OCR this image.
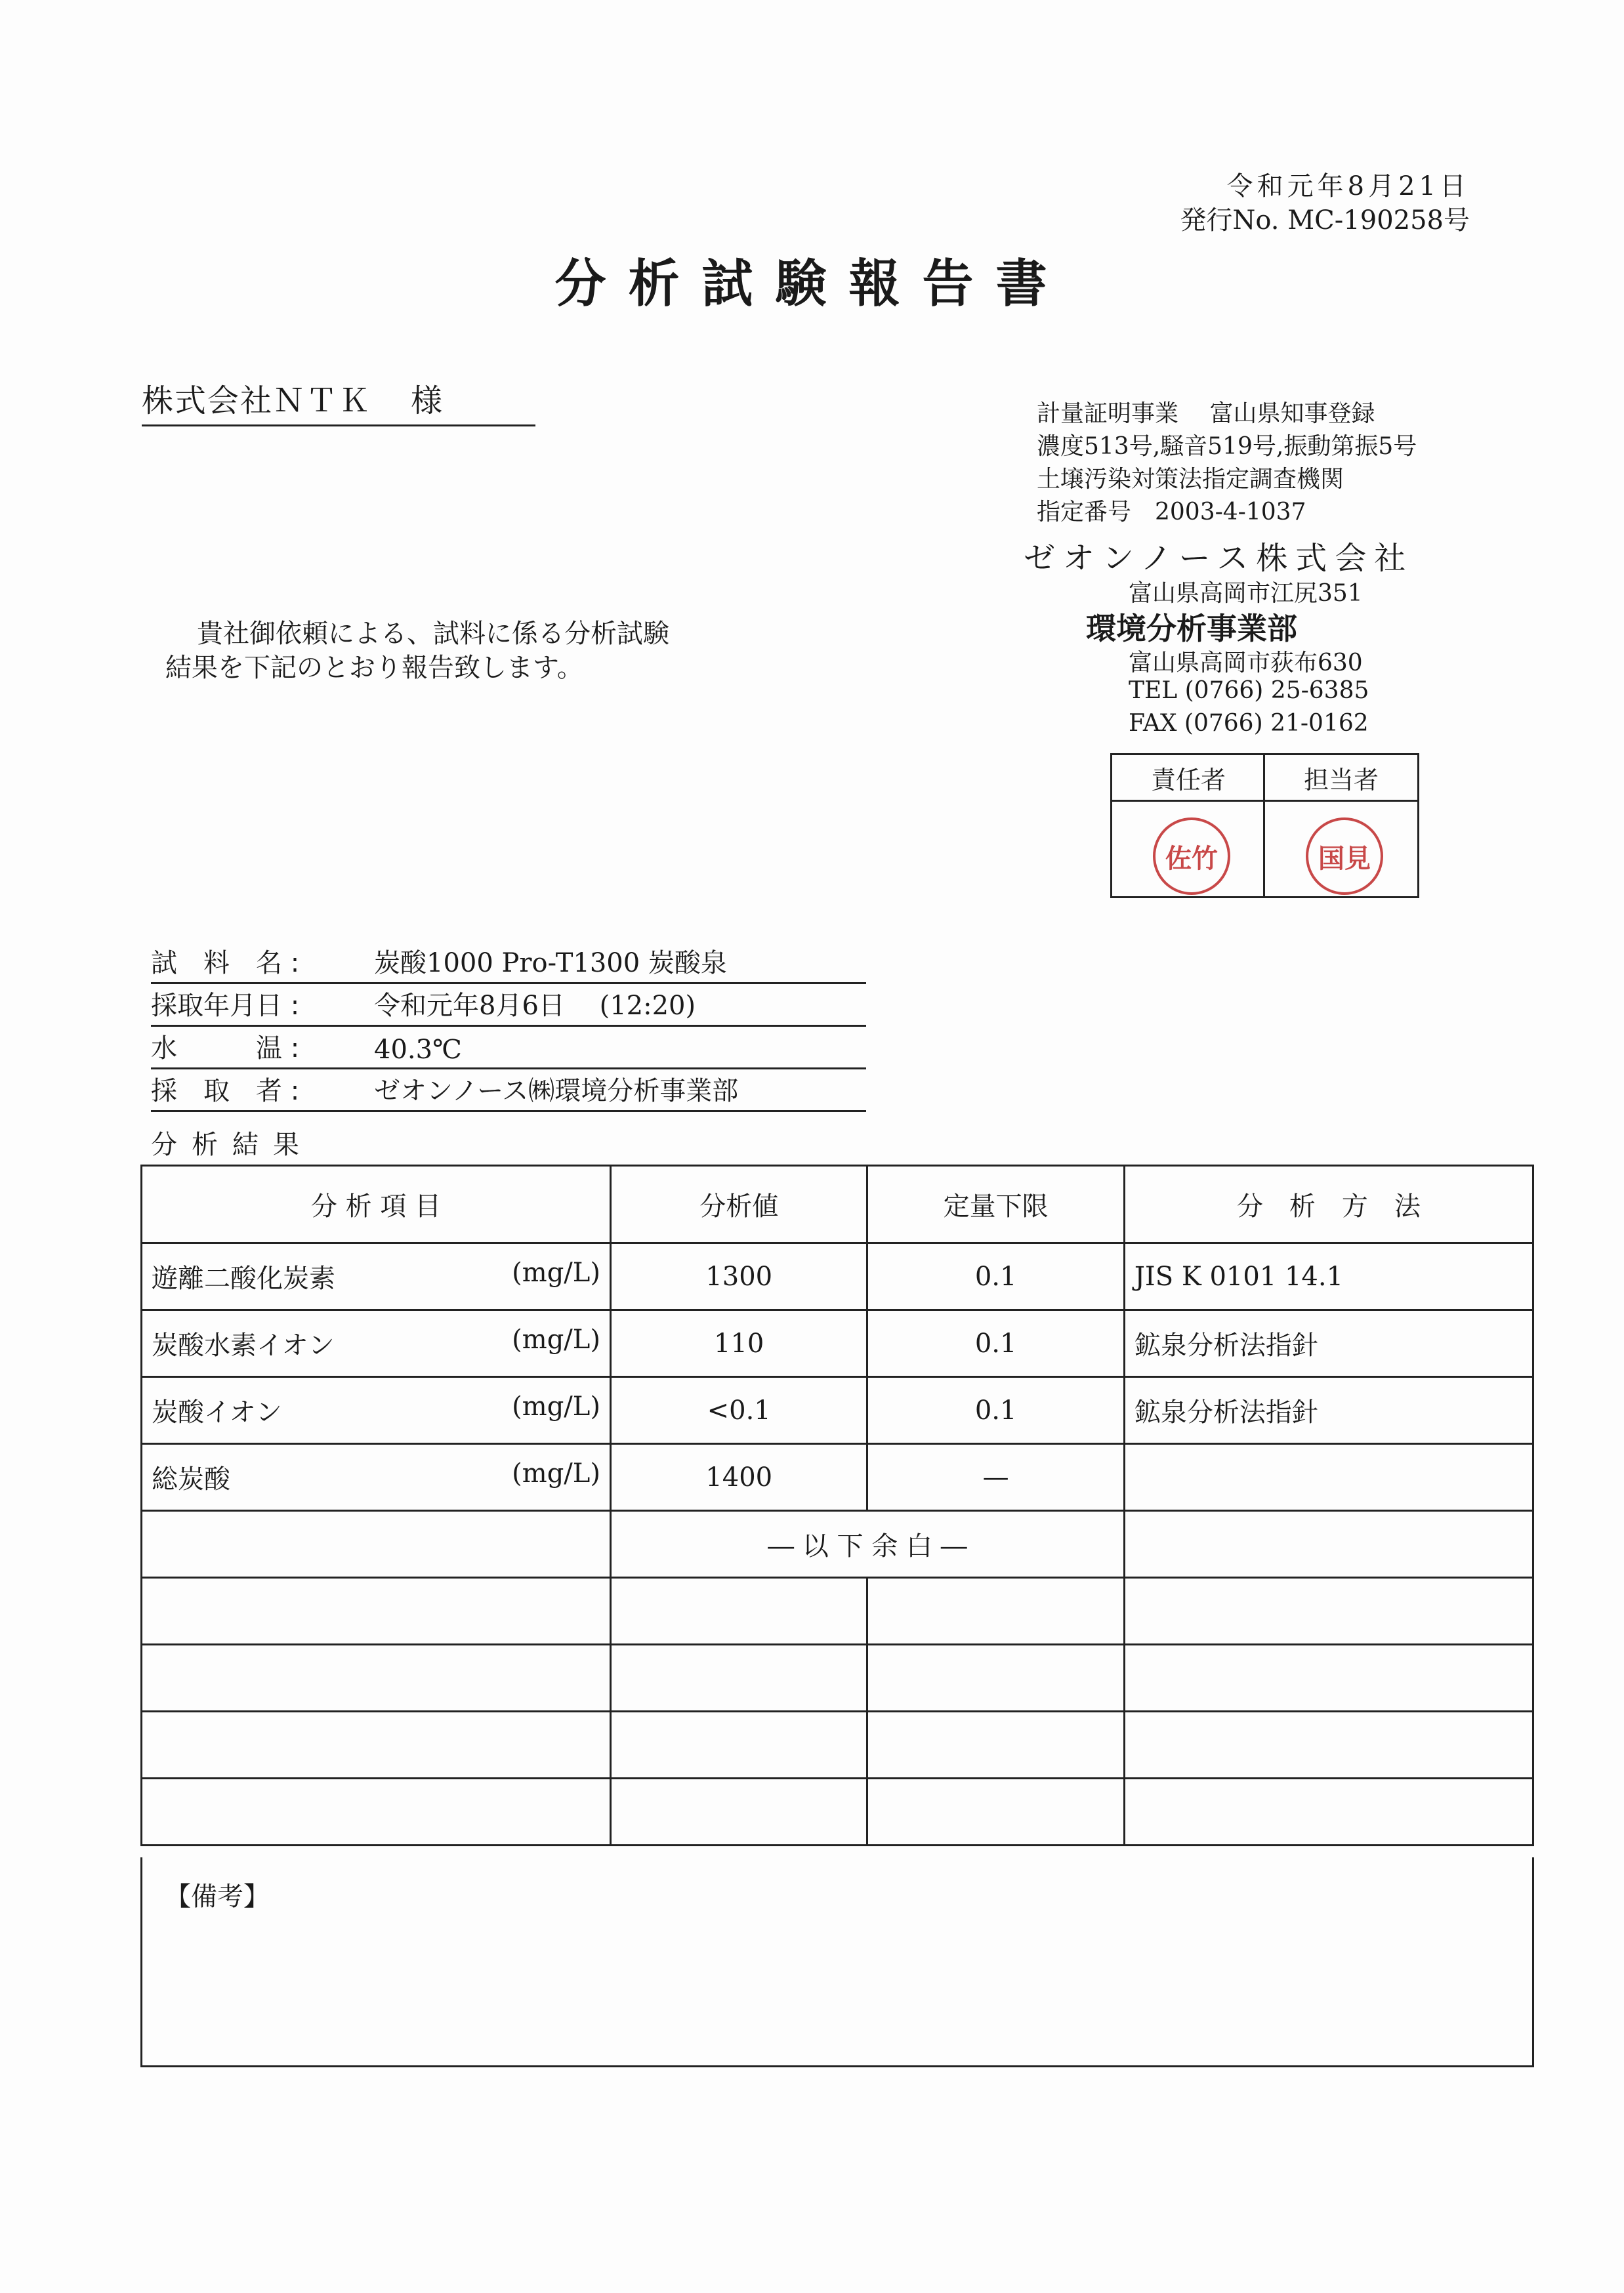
令和元年8月21日
発行No. MC-190258号
分析試験報告書
株式会社ＮＴＫ 様	計量証明事業　 富山県知事登録
濃度513号,騒音519号,振動第振5号
土壌汚染対策法指定調査機関
指定番号　2003-4-1037
ゼオンノース株式会社
富山県高岡市江尻351
環境分析事業部
富山県高岡市荻布630
TEL (0766) 25-6385
FAX (0766) 21-0162
貴社御依頼による、試料に係る分析試験
結果を下記のとおり報告致します。
責任者	担当者
佐竹	国見
試　料　名 :	炭酸1000 Pro-T1300 炭酸泉
採取年月日 :	令和元年8月6日　 (12:20)
水　　　温 :	40.3℃
採　取　者 :	ゼオンノース㈱環境分析事業部
分析結果
分 析 項 目	分析値	定量下限	分　析　方　法
遊離二酸化炭素 (mg/L)	1300	0.1	JIS K 0101 14.1
炭酸水素イオン (mg/L)	110	0.1	鉱泉分析法指針
炭酸イオン (mg/L)	<0.1	0.1	鉱泉分析法指針
総炭酸 (mg/L)	1400	—	
	― 以 下 余 白 ―		

【備考】
